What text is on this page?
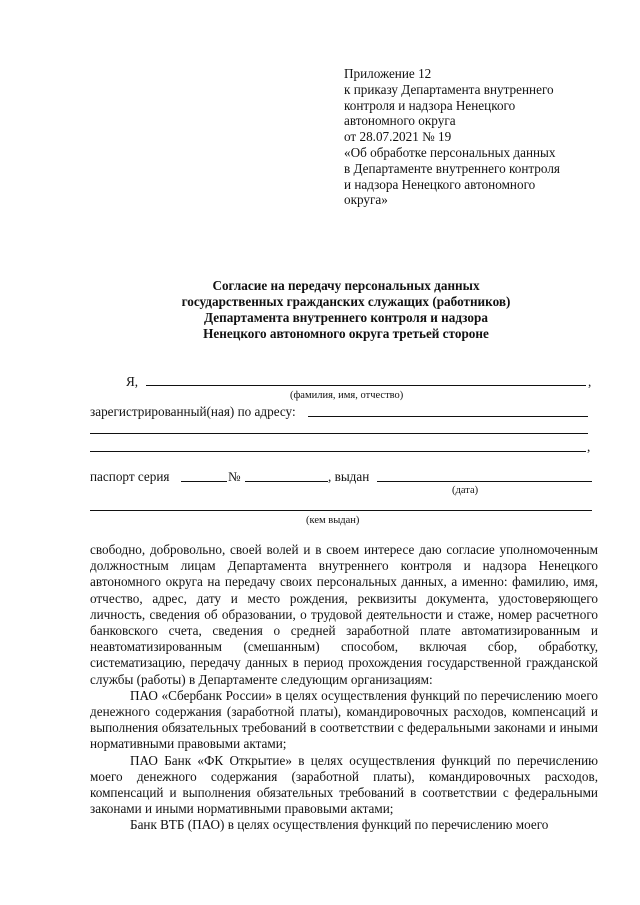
Приложение 12
к приказу Департамента внутреннего
контроля и надзора Ненецкого
автономного округа
от 28.07.2021 № 19
«Об обработке персональных данных
в Департаменте внутреннего контроля
и надзора Ненецкого автономного
округа»
Согласие на передачу персональных данных
государственных гражданских служащих (работников)
Департамента внутреннего контроля и надзора
Ненецкого автономного округа третьей стороне
Я,	,
(фамилия, имя, отчество)
зарегистрированный(ная) по адресу:
,
паспорт серия	№	, выдан
(дата)
(кем выдан)

свободно, добровольно, своей волей и в своем интересе даю согласие уполномоченным должностным лицам Департамента внутреннего контроля и надзора Ненецкого автономного округа на передачу своих персональных данных, а именно: фамилию, имя, отчество, адрес, дату и место рождения, реквизиты документа, удостоверяющего личность, сведения об образовании, о трудовой деятельности и стаже, номер расчетного банковского счета, сведения о средней заработной плате автоматизированным и неавтоматизированным (смешанным) способом, включая сбор, обработку, систематизацию, передачу данных в период прохождения государственной гражданской службы (работы) в Департаменте следующим организациям:

ПАО «Сбербанк России» в целях осуществления функций по перечислению моего денежного содержания (заработной платы), командировочных расходов, компенсаций и выполнения обязательных требований в соответствии с федеральными законами и иными нормативными правовыми актами;

ПАО Банк «ФК Открытие» в целях осуществления функций по перечислению моего денежного содержания (заработной платы), командировочных расходов, компенсаций и выполнения обязательных требований в соответствии с федеральными законами и иными нормативными правовыми актами;

Банк ВТБ (ПАО) в целях осуществления функций по перечислению моего
